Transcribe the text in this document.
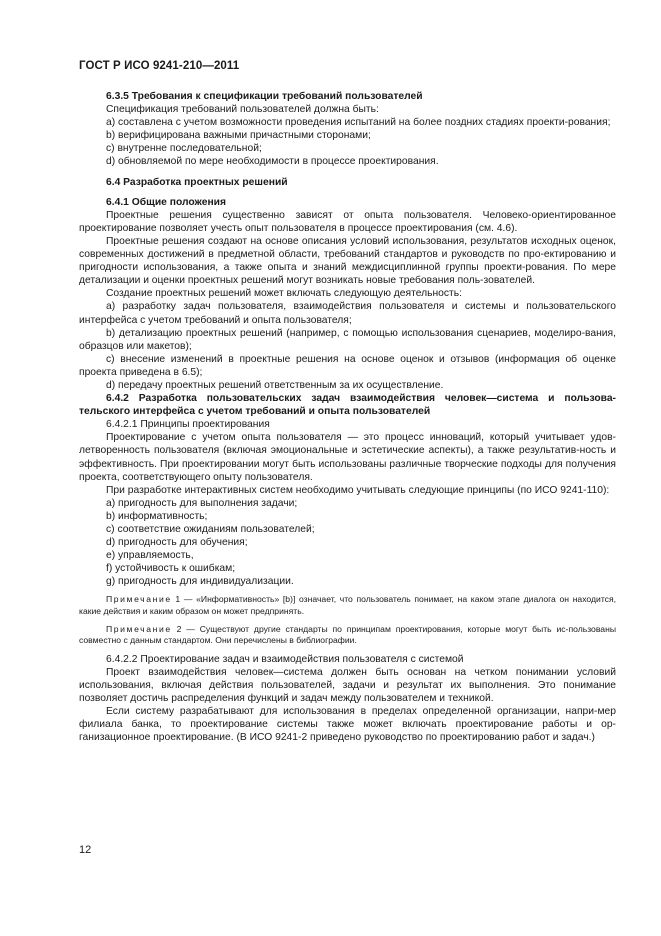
ГОСТ Р ИСО 9241-210—2011

6.3.5 Требования к спецификации требований пользователей

Спецификация требований пользователей должна быть:

a) составлена с учетом возможности проведения испытаний на более поздних стадиях проекти-рования;

b) верифицирована важными причастными сторонами;

c) внутренне последовательной;

d) обновляемой по мере необходимости в процессе проектирования.

6.4 Разработка проектных решений

6.4.1 Общие положения

Проектные решения существенно зависят от опыта пользователя. Человеко-ориентированное проектирование позволяет учесть опыт пользователя в процессе проектирования (см. 4.6).

Проектные решения создают на основе описания условий использования, результатов исходных оценок, современных достижений в предметной области, требований стандартов и руководств по про-ектированию и пригодности использования, а также опыта и знаний междисциплинной группы проекти-рования. По мере детализации и оценки проектных решений могут возникать новые требования поль-зователей.

Создание проектных решений может включать следующую деятельность:

a) разработку задач пользователя, взаимодействия пользователя и системы и пользовательского интерфейса с учетом требований и опыта пользователя;

b) детализацию проектных решений (например, с помощью использования сценариев, моделиро-вания, образцов или макетов);

c) внесение изменений в проектные решения на основе оценок и отзывов (информация об оценке проекта приведена в 6.5);

d) передачу проектных решений ответственным за их осуществление.

6.4.2 Разработка пользовательских задач взаимодействия человек—система и пользова-тельского интерфейса с учетом требований и опыта пользователей

6.4.2.1 Принципы проектирования

Проектирование с учетом опыта пользователя — это процесс инноваций, который учитывает удов-летворенность пользователя (включая эмоциональные и эстетические аспекты), а также результатив-ность и эффективность. При проектировании могут быть использованы различные творческие подходы для получения проекта, соответствующего опыту пользователя.

При разработке интерактивных систем необходимо учитывать следующие принципы (по ИСО 9241-110):

a) пригодность для выполнения задачи;

b) информативность;

c) соответствие ожиданиям пользователей;

d) пригодность для обучения;

e) управляемость,

f) устойчивость к ошибкам;

g) пригодность для индивидуализации.

Примечание 1 — «Информативность» [b)] означает, что пользователь понимает, на каком этапе диалога он находится, какие действия и каким образом он может предпринять.

Примечание 2 — Существуют другие стандарты по принципам проектирования, которые могут быть ис-пользованы совместно с данным стандартом. Они перечислены в библиографии.

6.4.2.2 Проектирование задач и взаимодействия пользователя с системой

Проект взаимодействия человек—система должен быть основан на четком понимании условий использования, включая действия пользователей, задачи и результат их выполнения. Это понимание позволяет достичь распределения функций и задач между пользователем и техникой.

Если систему разрабатывают для использования в пределах определенной организации, напри-мер филиала банка, то проектирование системы также может включать проектирование работы и ор-ганизационное проектирование. (В ИСО 9241-2 приведено руководство по проектированию работ и задач.)

12
